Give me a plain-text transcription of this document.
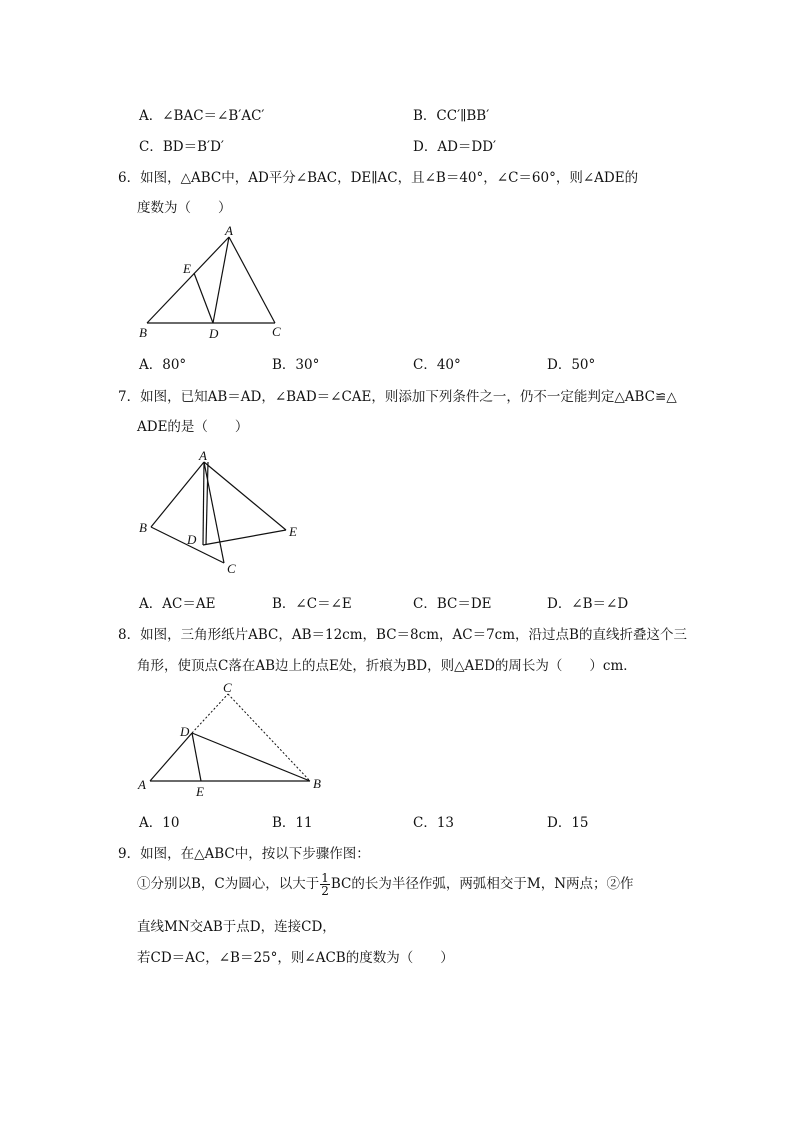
A．∠BAC＝∠B′AC′	B．CC′∥BB′
C．BD＝B′D′	D．AD＝DD′
6．如图，△ABC中，AD平分∠BAC，DE∥AC，且∠B＝40°，∠C＝60°，则∠ADE的
度数为（　　）
A
B	C
D
E
A．80°	B．30°	C．40°	D．50°
7．如图，已知AB＝AD，∠BAD＝∠CAE，则添加下列条件之一，仍不一定能判定△ABC≌△
ADE的是（　　）
A
B
C
D
E
A．AC＝AE	B．∠C＝∠E	C．BC＝DE	D．∠B＝∠D
8．如图，三角形纸片ABC，AB＝12cm，BC＝8cm，AC＝7cm，沿过点B的直线折叠这个三
角形，使顶点C落在AB边上的点E处，折痕为BD，则△AED的周长为（　　）cm．
C
D
A	E
B
A．10	B．11	C．13	D．15
9．如图，在△ABC中，按以下步骤作图：
①分别以B，C为圆心，以大于 $\frac{1}{2}$ BC的长为半径作弧，两弧相交于M，N两点；②作
直线MN交AB于点D，连接CD，
若CD＝AC，∠B＝25°，则∠ACB的度数为（　　）
